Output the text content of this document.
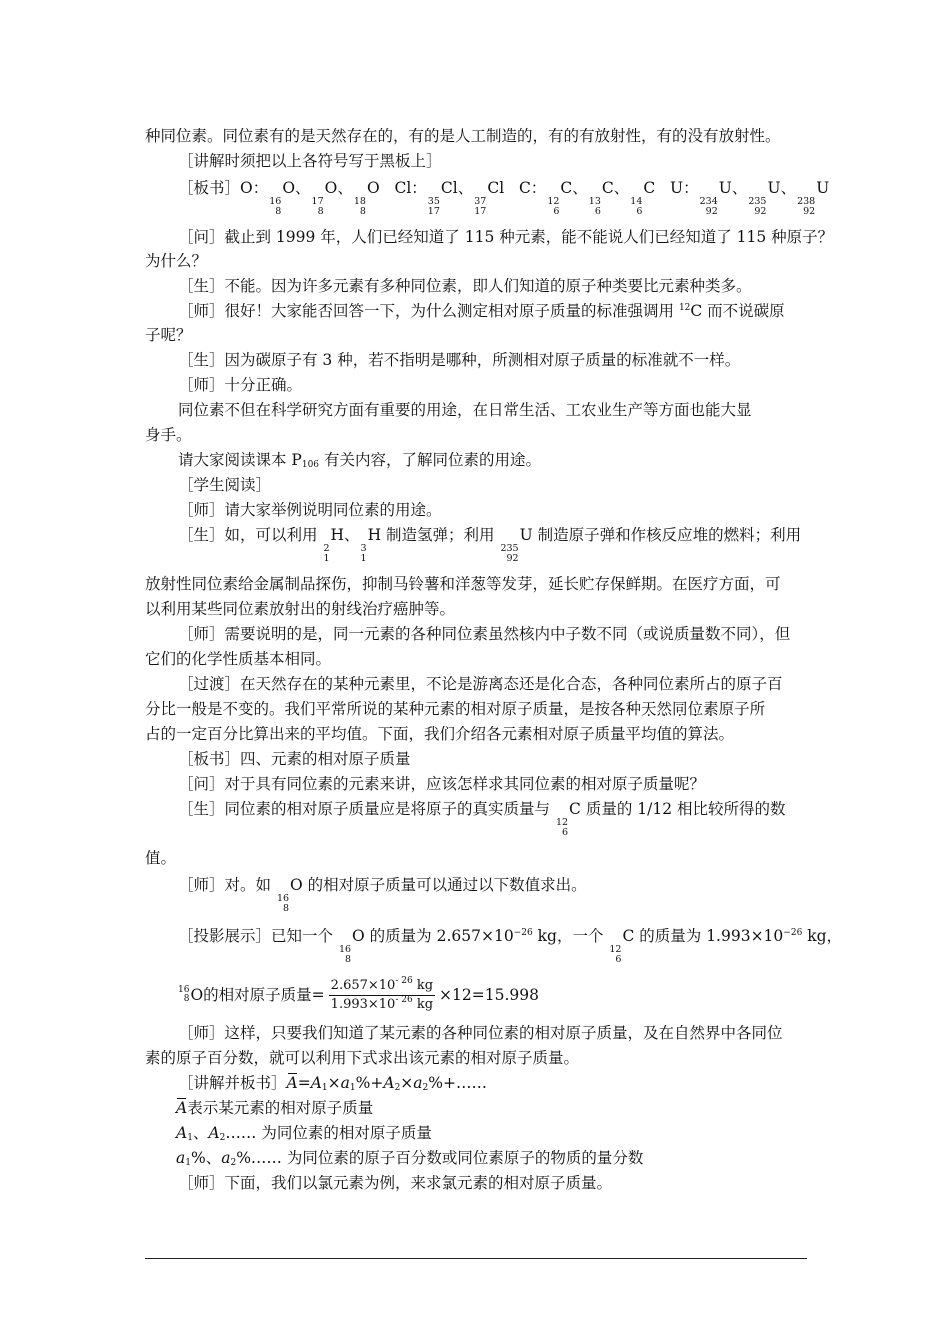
种同位素。同位素有的是天然存在的，有的是人工制造的，有的有放射性，有的没有放射性。
［讲解时须把以上各符号写于黑板上］
［板书］O：
16
8
O、
17
8
O、
18
8
O Cl：
35
17
Cl、
37
17
Cl C：
12
6
C、
13
6
C、
14
6
C U：
234
92
U、
235
92
U、
238
92
U
［问］截止到 1999 年，人们已经知道了 115 种元素，能不能说人们已经知道了 115 种原子？
为什么？
［生］不能。因为许多元素有多种同位素，即人们知道的原子种类要比元素种类多。
［师］很好！大家能否回答一下，为什么测定相对原子质量的标准强调用 $^{12}$C 而不说碳原
子呢？
［生］因为碳原子有 3 种，若不指明是哪种，所测相对原子质量的标准就不一样。
［师］十分正确。
同位素不但在科学研究方面有重要的用途，在日常生活、工农业生产等方面也能大显
身手。
请大家阅读课本 $P_{106}$ 有关内容，了解同位素的用途。
［学生阅读］
［师］请大家举例说明同位素的用途。
［生］如，可以利用
2
1
H、
3
1
H 制造氢弹；利用
235
92
U 制造原子弹和作核反应堆的燃料；利用
放射性同位素给金属制品探伤，抑制马铃薯和洋葱等发芽，延长贮存保鲜期。在医疗方面，可
以利用某些同位素放射出的射线治疗癌肿等。
［师］需要说明的是，同一元素的各种同位素虽然核内中子数不同（或说质量数不同），但
它们的化学性质基本相同。
［过渡］在天然存在的某种元素里，不论是游离态还是化合态，各种同位素所占的原子百
分比一般是不变的。我们平常所说的某种元素的相对原子质量，是按各种天然同位素原子所
占的一定百分比算出来的平均值。下面，我们介绍各元素相对原子质量平均值的算法。
［板书］四、元素的相对原子质量
［问］对于具有同位素的元素来讲，应该怎样求其同位素的相对原子质量呢？
［生］同位素的相对原子质量应是将原子的真实质量与
12
6
C 质量的 1/12 相比较所得的数
值。
［师］对。如
16
8
O 的相对原子质量可以通过以下数值求出。
［投影展示］已知一个
16
8
O 的质量为 $2.657\times 10^{-26}$ kg，一个
12
6
C 的质量为 $1.993\times 10^{-26}$ kg，
16
8 O 的相对原子质量= $\frac{2.657\times 10^{- 26} kg}{1.993\times 10^{- 26} kg} \times 12=15.998$
［师］这样，只要我们知道了某元素的各种同位素的相对原子质量，及在自然界中各同位
素的原子百分数，就可以利用下式求出该元素的相对原子质量。
［讲解并板书$]A=A_1\times a_1\%+A_2\times a_2\%+\dots\dots$
A表示某元素的相对原子质量
$A_1$、$A_2\dots\dots$ 为同位素的相对原子质量
$a_1\%$、$a_2\%\dots\dots$ 为同位素的原子百分数或同位素原子的物质的量分数
［师］下面，我们以氯元素为例，来求氯元素的相对原子质量。
